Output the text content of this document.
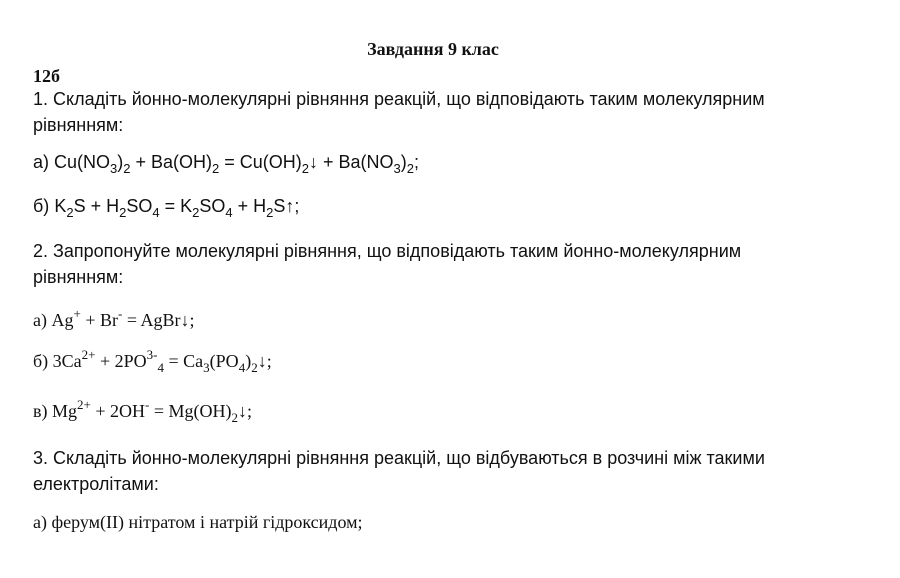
Завдання 9 клас
12б
1. Складіть йонно-молекулярні рівняння реакцій, що відповідають таким молекулярним
рівнянням:
а) $Cu(NO_3)_2 + Ba(OH)_2$ = $Cu(OH)_2↓ + Ba(NO_3)_2$;
б) $K_2S + H_2SO_4 = K_2SO_4$ + $H_2S↑$;
2. Запропонуйте молекулярні рівняння, що відповідають таким йонно-молекулярним
рівнянням:
а) Ag+ + Br- = AgBr↓;
б) $3Ca^{2+} + 2PO^{3-}_4$ = $Ca_3(PO_4)_2↓$;
в) $Mg^{2+} + 2OH^-$ = $Mg(OH)_2↓$;
3. Складіть йонно-молекулярні рівняння реакцій, що відбуваються в розчині між такими
електролітами:
а) ферум(ІІ) нітратом і натрій гідроксидом;
